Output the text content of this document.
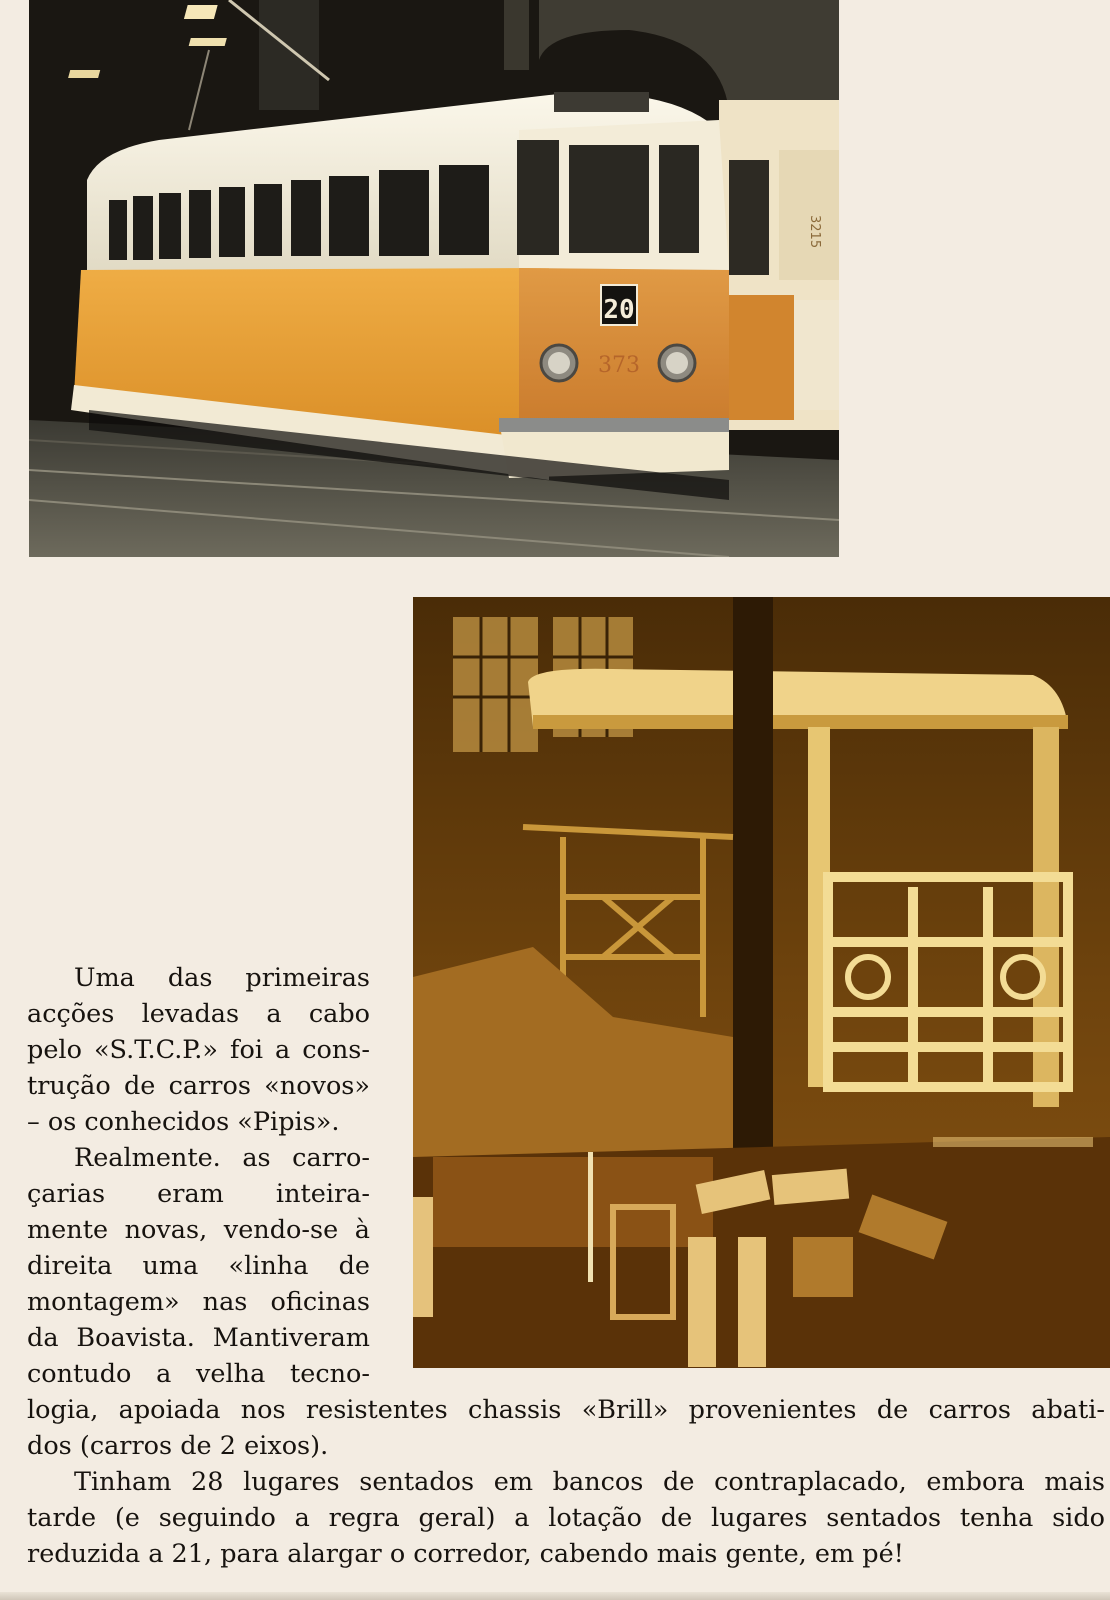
3215
20
373
Uma das primeiras
acções levadas a cabo
pelo «S.T.C.P.» foi a cons-
trução de carros «novos»
– os conhecidos «Pipis».
Realmente. as carro-
çarias eram inteira-
mente novas, vendo-se à
direita uma «linha de
montagem» nas oficinas
da Boavista. Mantiveram
contudo a velha tecno-
logia, apoiada nos resistentes chassis «Brill» provenientes de carros abati-
dos (carros de 2 eixos).
Tinham 28 lugares sentados em bancos de contraplacado, embora mais
tarde (e seguindo a regra geral) a lotação de lugares sentados tenha sido
reduzida a 21, para alargar o corredor, cabendo mais gente, em pé!
